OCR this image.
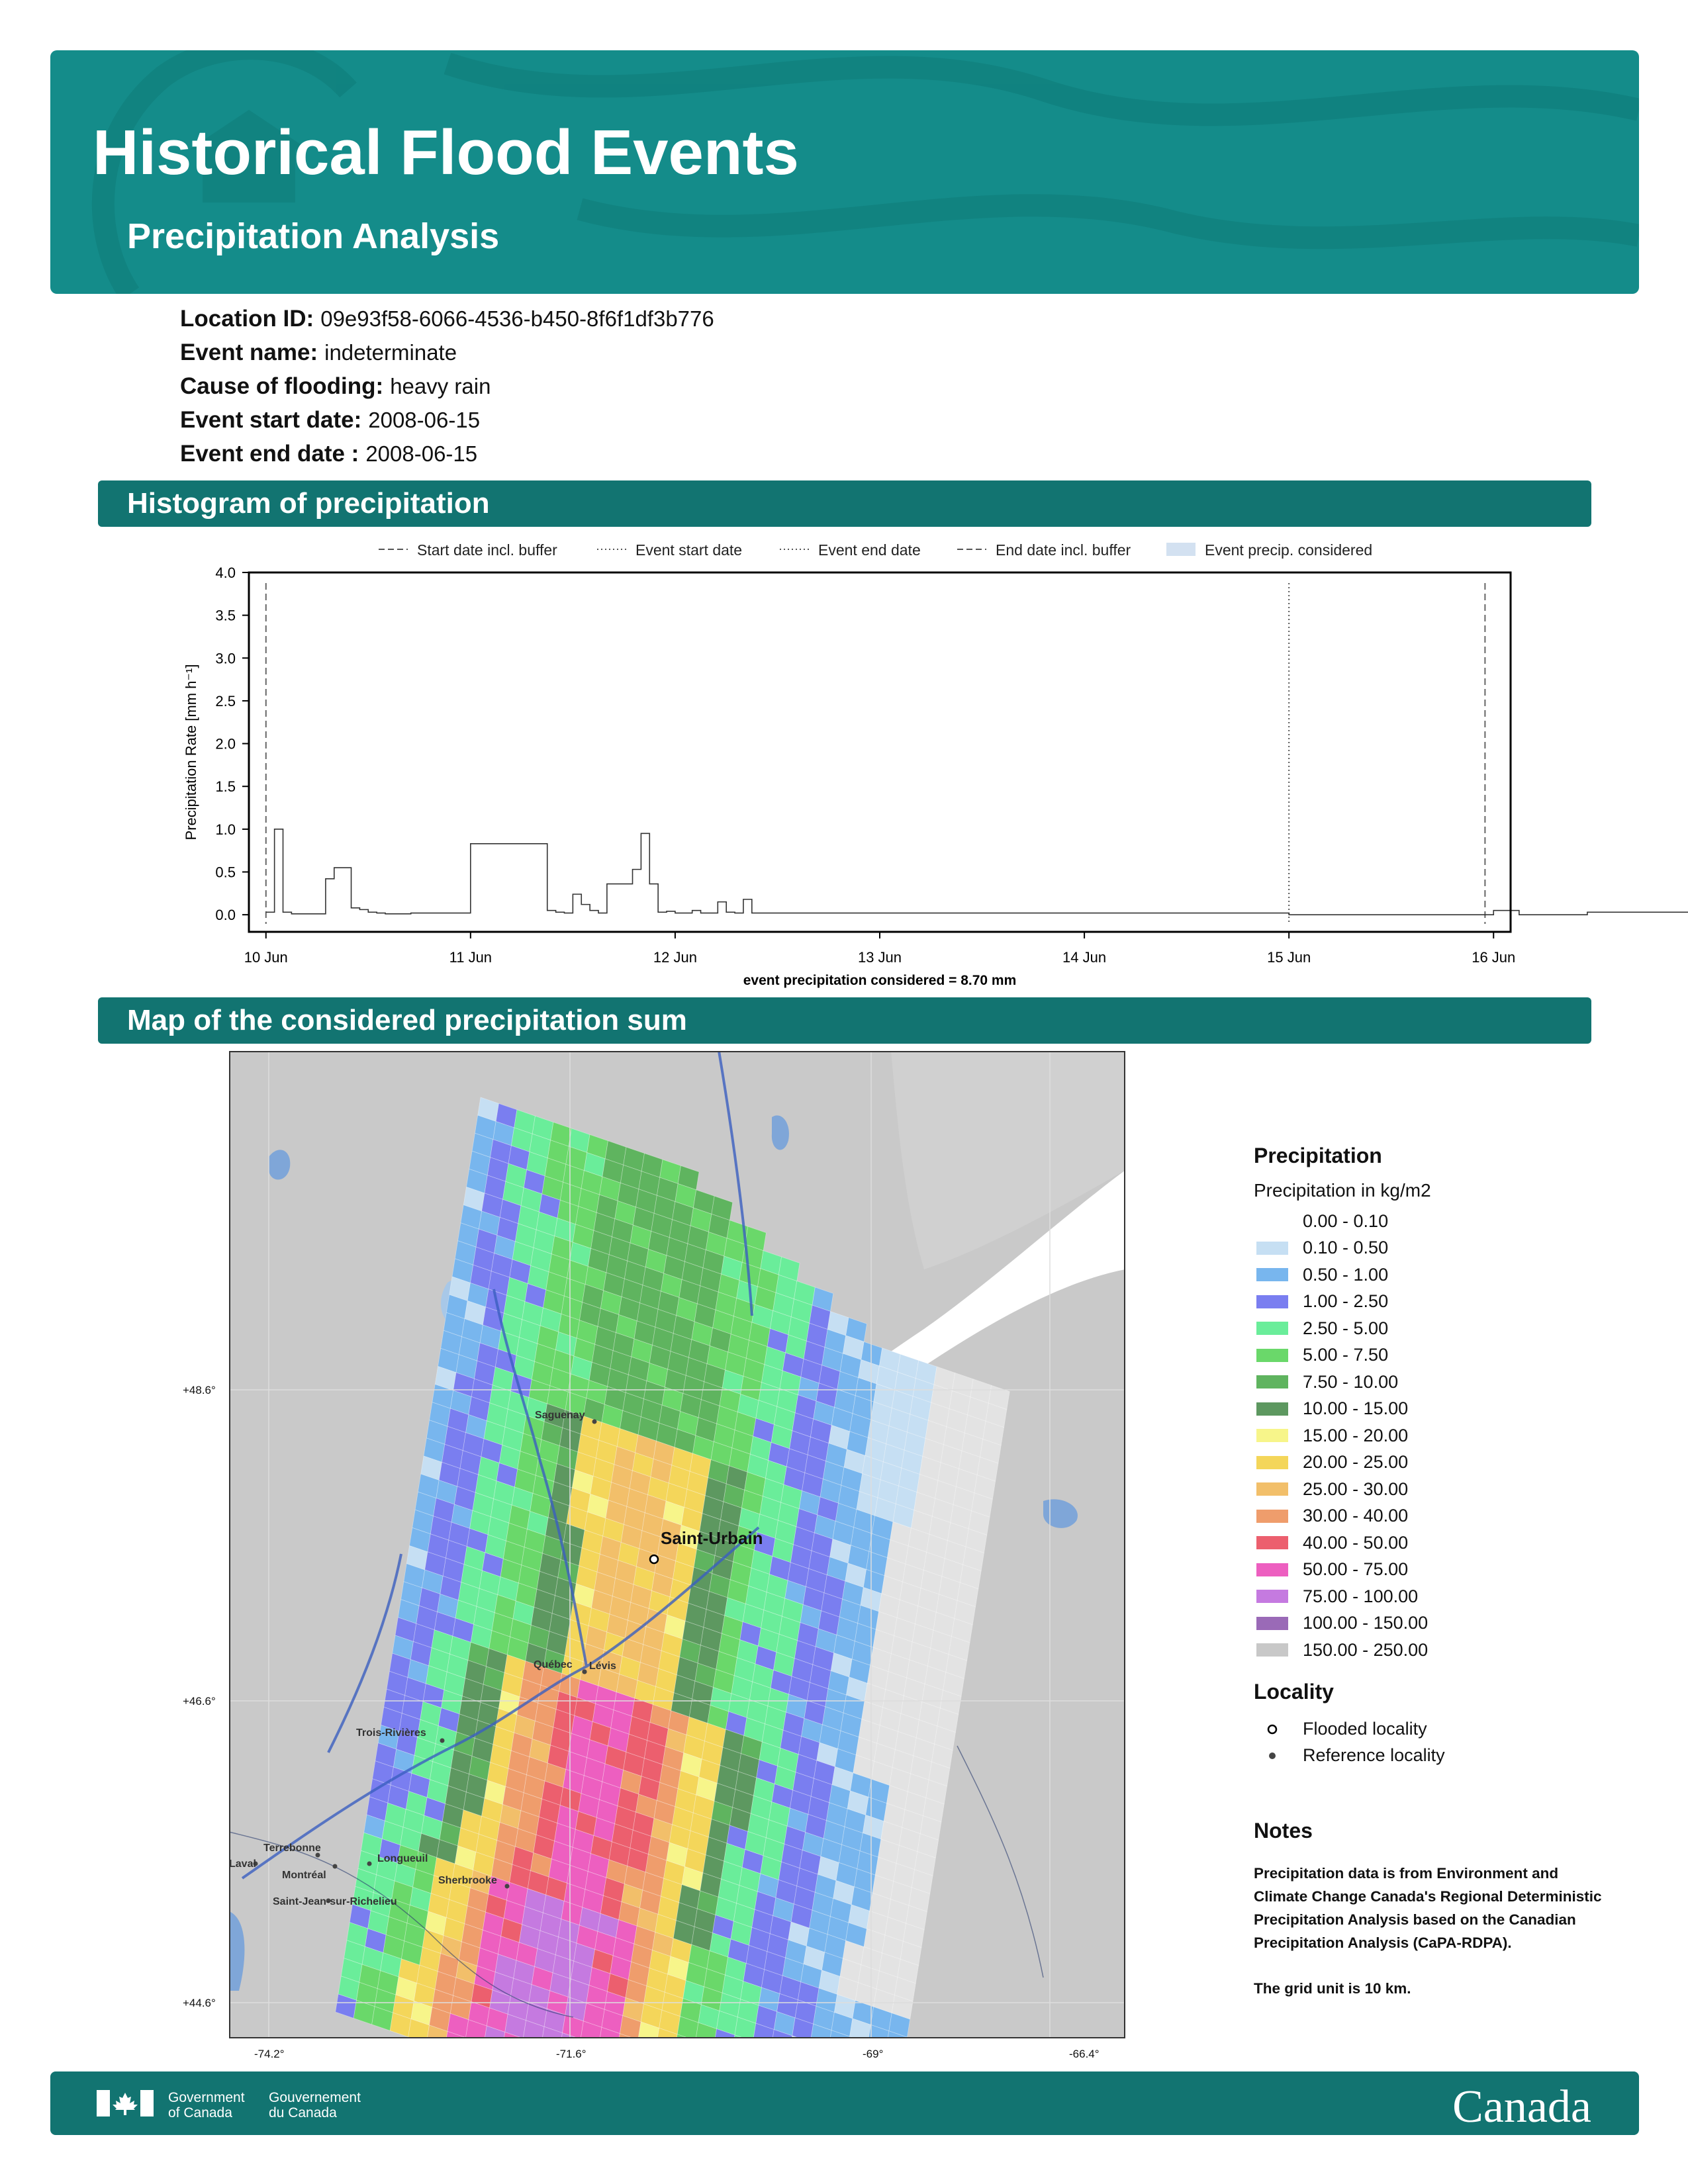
Historical Flood Events
Precipitation Analysis
Location ID: 09e93f58-6066-4536-b450-8f6f1df3b776
Event name: indeterminate
Cause of flooding: heavy rain
Event start date: 2008-06-15
Event end date : 2008-06-15
Histogram of precipitation
Start date incl. buffer	Event start date	Event end date	End date incl. buffer	Event precip. considered
0.0
0.5
1.0
1.5
2.0
2.5
3.0
3.5
4.0
10 Jun	11 Jun	12 Jun	13 Jun	14 Jun	15 Jun	16 Jun
event precipitation considered = 8.70 mm
Precipitation Rate [mm h⁻¹]
Map of the considered precipitation sum
Saint-Urbain
Saguenay
Québec Lévis
Trois-Rivières
Terrebonne
Laval
Montréal
Longueuil
Sherbrooke
Saint-Jean-sur-Richelieu
+48.6°
+46.6°
+44.6°
-74.2°	-71.6°	-69°	-66.4°
Precipitation
Precipitation in kg/m2
0.00 - 0.10
0.10 - 0.50
0.50 - 1.00
1.00 - 2.50
2.50 - 5.00
5.00 - 7.50
7.50 - 10.00
10.00 - 15.00
15.00 - 20.00
20.00 - 25.00
25.00 - 30.00
30.00 - 40.00
40.00 - 50.00
50.00 - 75.00
75.00 - 100.00
100.00 - 150.00
150.00 - 250.00
Locality
Flooded locality
Reference locality
Notes

Precipitation data is from Environment and Climate Change Canada's Regional Deterministic Precipitation Analysis based on the Canadian Precipitation Analysis (CaPA-RDPA).

The grid unit is 10 km.

Government
of Canada
Gouvernement
du Canada	Canada
